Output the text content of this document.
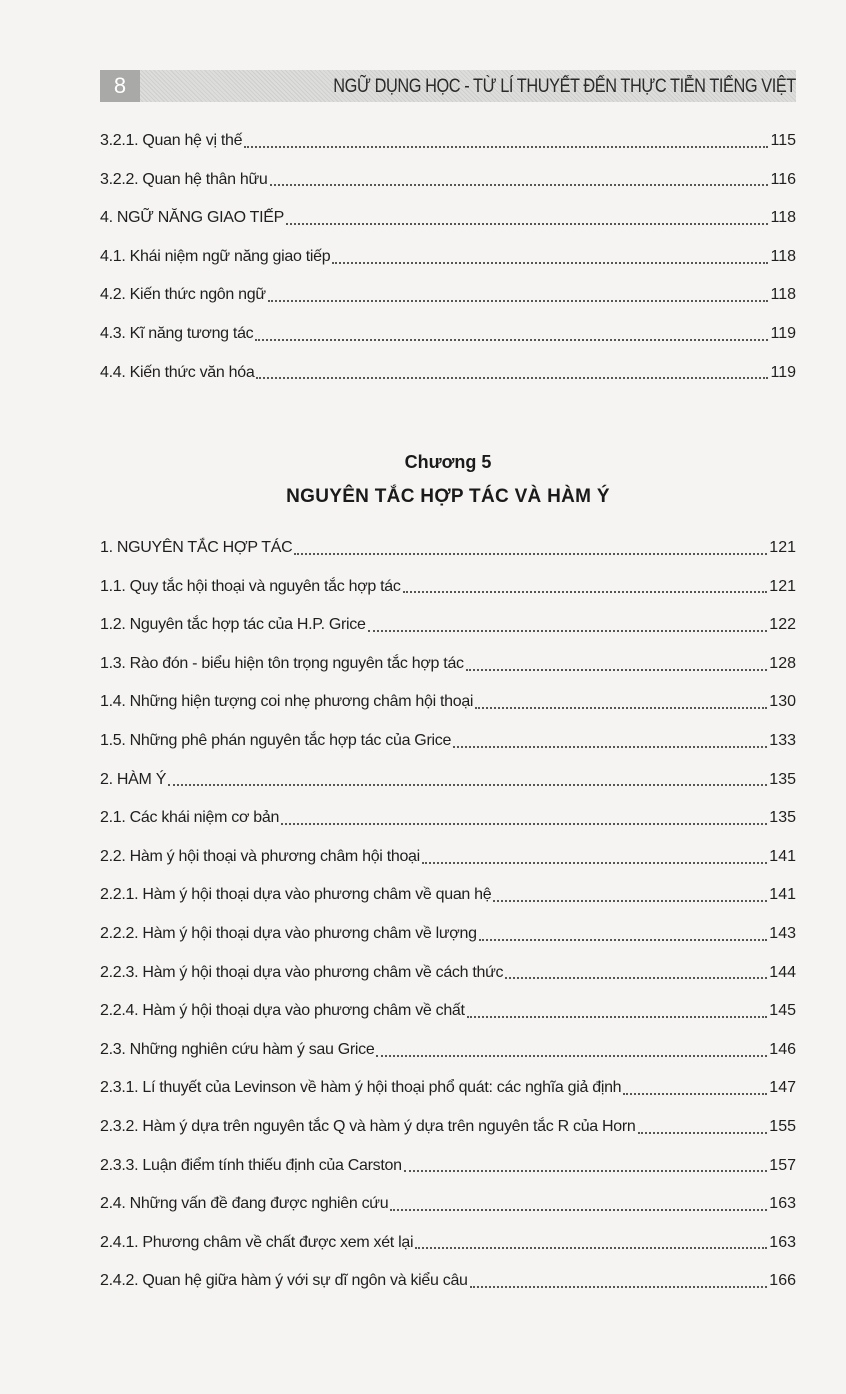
8	NGỮ DỤNG HỌC - TỪ LÍ THUYẾT ĐẾN THỰC TIỄN TIẾNG VIỆT
3.2.1. Quan hệ vị thế	115
3.2.2. Quan hệ thân hữu	116
4. NGỮ NĂNG GIAO TIẾP	118
4.1. Khái niệm ngữ năng giao tiếp	118
4.2. Kiến thức ngôn ngữ	118
4.3. Kĩ năng tương tác	119
4.4. Kiến thức văn hóa	119
Chương 5
NGUYÊN TẮC HỢP TÁC VÀ HÀM Ý
1. NGUYÊN TẮC HỢP TÁC	121
1.1. Quy tắc hội thoại và nguyên tắc hợp tác	121
1.2. Nguyên tắc hợp tác của H.P. Grice	122
1.3. Rào đón - biểu hiện tôn trọng nguyên tắc hợp tác	128
1.4. Những hiện tượng coi nhẹ phương châm hội thoại	130
1.5. Những phê phán nguyên tắc hợp tác của Grice	133
2. HÀM Ý	135
2.1. Các khái niệm cơ bản	135
2.2. Hàm ý hội thoại và phương châm hội thoại	141
2.2.1. Hàm ý hội thoại dựa vào phương châm về quan hệ	141
2.2.2. Hàm ý hội thoại dựa vào phương châm về lượng	143
2.2.3. Hàm ý hội thoại dựa vào phương châm về cách thức	144
2.2.4. Hàm ý hội thoại dựa vào phương châm về chất	145
2.3. Những nghiên cứu hàm ý sau Grice	146
2.3.1. Lí thuyết của Levinson về hàm ý hội thoại phổ quát: các nghĩa giả định	147
2.3.2. Hàm ý dựa trên nguyên tắc Q và hàm ý dựa trên nguyên tắc R của Horn	155
2.3.3. Luận điểm tính thiếu định của Carston	157
2.4. Những vấn đề đang được nghiên cứu	163
2.4.1. Phương châm về chất được xem xét lại	163
2.4.2. Quan hệ giữa hàm ý với sự dĩ ngôn và kiểu câu	166
